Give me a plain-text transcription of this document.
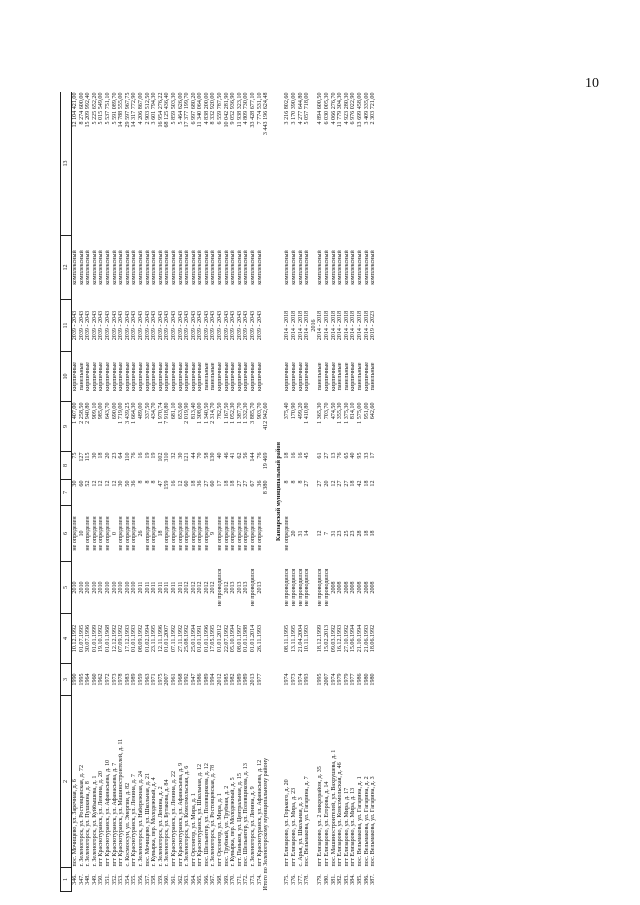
10
1	2	3	4	5	6	7	8	9	10	11	12	13
346.	пос. Мочищево, ул. Заречная, д. 6	1990	10.12.1992	2010	не определен	30	75	1 407,00	кирпичные	2039 - 2043	комплексный	12 104 421,00
347.	г. Зеленогорск, ул. Ростовцевская, д. 72	1995	01.07.1995	2010	10	60	127	2 258,50	панельные	2039 - 2043	комплексный	8 274 600,00
348.	г. Зеленогорск, ул. Пушкина, д. 8	1964	30.07.1996	2010	не определен	52	115	2 940,80	кирпичные	2039 - 2043	комплексный	15 209 992,40
349.	г. Зеленогорск, ул. Куйбышева, д. 1	1960	01.01.1999	2010	не определен	12	30	909,10	кирпичные	2039 - 2043	комплексный	5 225 652,20
350.	пгт Краснотуранск, ул. Ленина, д. 20	1962	19.10.1992	2010	не определен	12	18	985,00	кирпичные	2039 - 2043	комплексный	5 015 549,00
351.	пгт Краснотуранск, ул. Афанасьева, д. 10	1972	01.01.1968	2010	не определен	12	20	643,70	кирпичные	2039 - 2043	комплексный	5 537 751,10
352.	пгт Краснотуранск, ул. Афанасьева, д. 7	1973	12.12.1992	2010	0	12	23	690,00	кирпичные	2039 - 2043	комплексный	5 591 089,70
353.	пгт Краснотуранск, ул. Машиностроителей, д. 11	1978	07.09.1992	2010	не определен	30	64	1 719,00	кирпичные	2039 - 2043	комплексный	14 788 555,00
354.	с. Космоосун, ул. Энергии, д. 82	1983	17.12.1993	2010	не определен	50	110	3 439,25	кирпичные	2039 - 2043	комплексный	29 597 967,75
355.	пгт Краснотуранск, ул. Ленина, д. 7	1989	01.01.1993	2010	не определен	36	76	1 664,30	кирпичные	2039 - 2043	комплексный	14 317 772,90
356.	г. Зеленогорск, ул. Набережная, д. 24	1959	08.09.1992	2011	26	8	16	489,00	кирпичные	2039 - 2043	комплексный	4 206 867,00
357.	пос. Мочищево, ул. Школьная, д. 21	1963	01.02.1994	2011	не определен	8	19	337,50	кирпичные	2039 - 2043	комплексный	2 903 512,50
358.	г. Кувырка, пер. Молодежный, д. 4	1971	23.11.1995	2011	не определен	8	19	434,70	кирпичные	2039 - 2043	комплексный	3 601 794,30
359.	г. Зеленогорск, ул. Ленина, д. 2	1975	12.11.1996	2011	18	47	102	1 970,74	кирпичные	2039 - 2043	комплексный	16 954 276,22
360.	г. Зеленогорск, ул. Бутакова, д. 84	2007	01.01.2007	2011	не определен	159	310	7 918,80	кирпичные	2039 - 2043	комплексный	68 125 436,40
361.	пгт Краснотуранск, ул. Ленина, д. 22	1961	07.11.1992	2011	не определен	16	32	681,10	кирпичные	2039 - 2043	комплексный	5 859 503,30
362.	пгт Краснотуранск, ул. Афанасьева, д. 9	1968	27.11.1992	2011	не определен	12	30	653,60	кирпичные	2039 - 2043	комплексный	5 464 626,00
363.	г. Зеленогорск, ул. Комсомольская, д. 6	1992	25.08.1992	2012	не определен	60	121	2 019,90	кирпичные	2039 - 2043	комплексный	17 377 199,70
364.	пгт Орсонгор, ул. Мира, д. 1	1947	25.01.1994	2012	не определен	18	44	813,40	кирпичные	2039 - 2043	комплексный	6 997 680,20
365.	пгт Краснотуранск, ул. Школьная, д. 12	1986	01.01.1991	2012	не определен	36	70	1 308,00	кирпичные	2039 - 2043	комплексный	11 340 064,00
366.	пос. Шельангер, ул. Полевщикова, д. 12	1989	01.01.1996	2012	не определен	27	58	1 340,50	панельные	2039 - 2043	комплексный	4 838 200,00
367.	г. Зеленогорск, ул. Ростовцевская, д. 78	1994	17.05.1995	2012	9	60	130	2 314,70	панельные	2039 - 2043	комплексный	8 332 920,00
368.	пгт Орсонгор, ул. Мира, д. 1	2012	01.01.2012	не проводился	не определен	17	40	782,50	кирпичные	2039 - 2043	комплексный	6 559 787,50
369.	пос. Трубный, ул. Трубная, д. 2	1985	22.07.1992	2012	не определен	18	46	1 167,50	кирпичные	2039 - 2043	комплексный	10 042 281,90
370.	г. Кувырка, пер. Молодежный, д. 5	1982	05.10.1994	2013	не определен	18	41	1 052,30	кирпичные	2039 - 2043	комплексный	9 052 936,90
371.	пгт. Паньков, ул. Центральная, д. 15	1989	08.01.1997	2013	не определен	27	62	1 387,70	кирпичные	2039 - 2043	комплексный	11 938 323,10
372.	пос. Шельангер, ул. Полевщикова, д. 13	1989	01.01.1988	2013	не определен	27	56	1 332,30	кирпичные	2039 - 2043	комплексный	4 809 730,00
373.	г. Зеленогорск, ул. Ленина, д. 9	2013	01.01.2014	не проводился	не определен	67	144	3 885,70	кирпичные	2039 - 2043	комплексный	33 428 677,10
374.	пгт Краснотуранск, ул. Афанасьева, д. 12	1977	26.11.1993	2013	не определен	36	76	903,70	кирпичные	2039 - 2043	комплексный	7 774 531,10
Итого по Зеленогорскому муниципальному району						8 380	19 469	412 942,60				3 443 196 624,48
Канзарский муниципальный район												
375.	пгт Елизарово, ул. Горького, д. 20	1974	08.11.1995	не проводился	не определен	8	18	375,40	кирпичные	2014 - 2018	комплексный	3 216 802,60
376.	пгт Елизарово, ул. Мира, д. 23	1973	13.11.1995	не проводился	20	8	16	170,90	кирпичные	2014 - 2018	комплексный	3 170 390,00
377.	с. Арья, ул. Школьная, д. 3	1974	21.04.2004	не проводился	31	8	16	499,20	кирпичные	2014 - 2018	комплексный	4 277 644,80
378.	пос. Вельмакова, ул. Гагарина, д. 7	1993	10.11.1993	не проводился	14	27	45	1 410,80	кирпичные	2014 - 2018	комплексный	5 057 718,00
										2016		
379.	пгт Елизарово, ул. 2 микрорайон, д. 35	1995	18.12.1999	не проводился	12	27	61	1 365,30	панельные	2014 - 2018	комплексный	4 894 600,50
380.	пгт Елизарово, ул. Егорова, д. 14	2007	15.02.2013	не проводился	7	20	27	703,70	кирпичные	2014 - 2018	комплексный	6 030 005,30
381.	пос. Машиностроителей, ул. Вахрушева, д. 1	1974	09.03.1992	2008	31	12	13	474,50	кирпичные	2014 - 2018	комплексный	4 066 276,70
382.	пгт Елизарово, ул. Комсомольская, д. 46	1979	16.12.1993	2008	23	27	76	1 355,30	панельные	2014 - 2018	комплексный	11 779 304,30
383.	пгт Елизарово, ул. Мира, д. 17	1979	27.10.1992	2008	25	27	65	1 375,30	панельные	2014 - 2018	комплексный	4 923 280,30
384.	пгт Елизарово, ул. Мира, д. 13	1977	15.06.1994	2008	23	18	40	814,10	кирпичные	2014 - 2018	комплексный	6 976 022,90
385.	пос. Вельмакова, ул. Гагарина, д. 1	1986	21.10.1994	2008	28	42	95	1 575,00	панельные	2014 - 2018	комплексный	13 699 458,00
386.	пос. Вельмакова, ул. Гагарина, д. 2	1980	21.06.1993	2008	18	18	33	951,00	кирпичные	2014 - 2018	комплексный	3 409 335,00
387.	пос. Вельмакова, ул. Гагарина, д. 3	1980	18.06.1992	2008	18	12	17	642,60	панельные	2019 - 2023	комплексный	2 303 721,00
